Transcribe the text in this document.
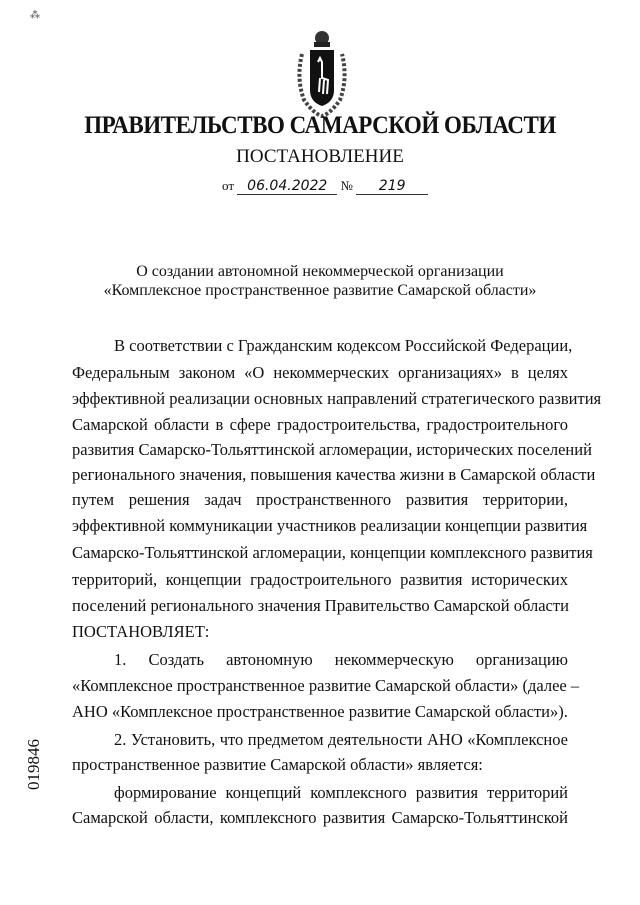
⁂
ПРАВИТЕЛЬСТВО САМАРСКОЙ ОБЛАСТИ
ПОСТАНОВЛЕНИЕ
от 06.04.2022 № 219
О создании автономной некоммерческой организации
«Комплексное пространственное развитие Самарской области»
В соответствии с Гражданским кодексом Российской Федерации,
Федеральным законом «О некоммерческих организациях» в целях
эффективной реализации основных направлений стратегического развития
Самарской области в сфере градостроительства, градостроительного
развития Самарско-Тольяттинской агломерации, исторических поселений
регионального значения, повышения качества жизни в Самарской области
путем решения задач пространственного развития территории,
эффективной коммуникации участников реализации концепции развития
Самарско-Тольяттинской агломерации, концепции комплексного развития
территорий, концепции градостроительного развития исторических
поселений регионального значения Правительство Самарской области
ПОСТАНОВЛЯЕТ:
1. Создать автономную некоммерческую организацию
«Комплексное пространственное развитие Самарской области» (далее –
АНО «Комплексное пространственное развитие Самарской области»).
2. Установить, что предметом деятельности АНО «Комплексное
пространственное развитие Самарской области» является:
формирование концепций комплексного развития территорий
Самарской области, комплексного развития Самарско-Тольяттинской
019846
